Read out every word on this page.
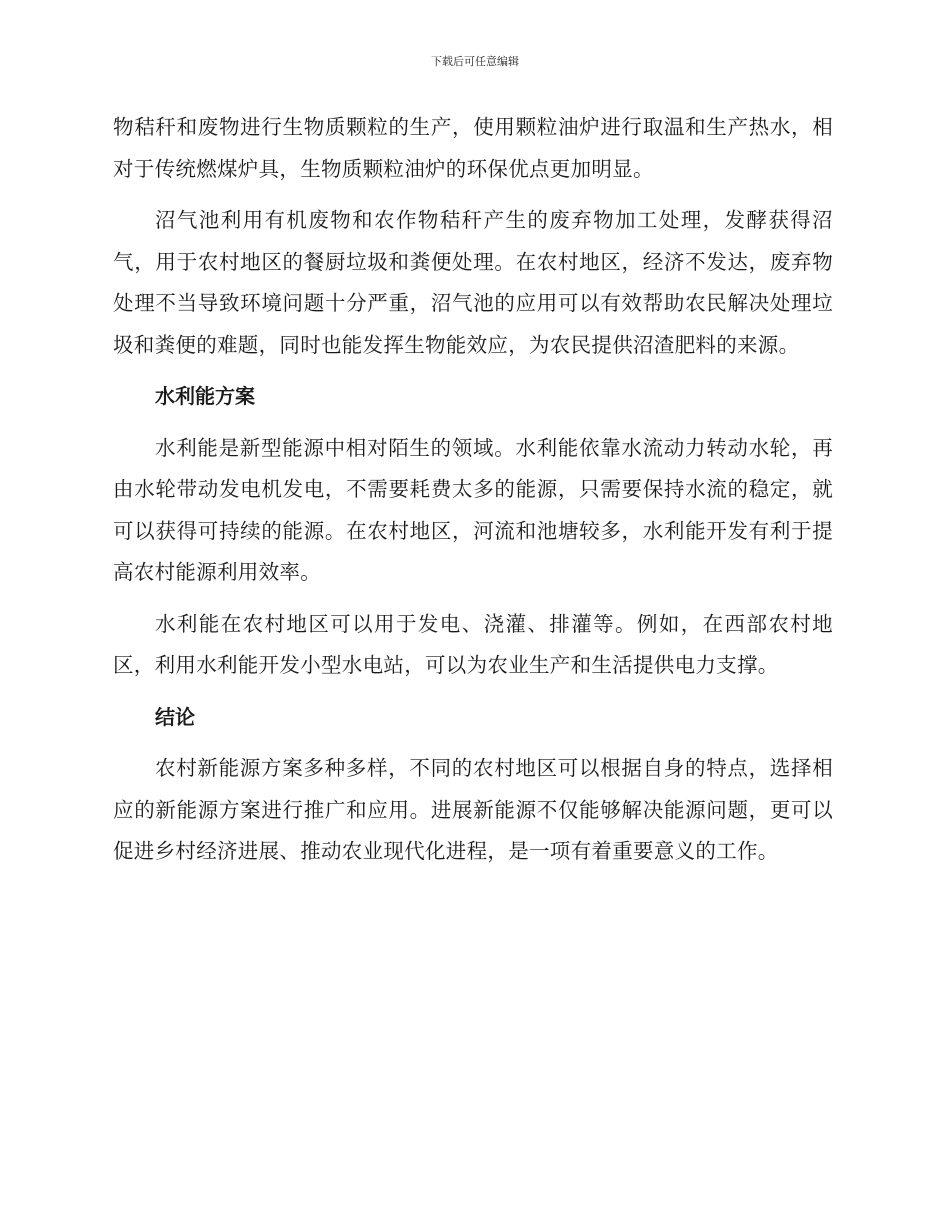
下载后可任意编辑

物秸秆和废物进行生物质颗粒的生产，使用颗粒油炉进行取温和生产热水，相对于传统燃煤炉具，生物质颗粒油炉的环保优点更加明显。

沼气池利用有机废物和农作物秸秆产生的废弃物加工处理，发酵获得沼气，用于农村地区的餐厨垃圾和粪便处理。在农村地区，经济不发达，废弃物处理不当导致环境问题十分严重，沼气池的应用可以有效帮助农民解决处理垃圾和粪便的难题，同时也能发挥生物能效应，为农民提供沼渣肥料的来源。

水利能方案

水利能是新型能源中相对陌生的领域。水利能依靠水流动力转动水轮，再由水轮带动发电机发电，不需要耗费太多的能源，只需要保持水流的稳定，就可以获得可持续的能源。在农村地区，河流和池塘较多，水利能开发有利于提高农村能源利用效率。

水利能在农村地区可以用于发电、浇灌、排灌等。例如，在西部农村地区，利用水利能开发小型水电站，可以为农业生产和生活提供电力支撑。

结论

农村新能源方案多种多样，不同的农村地区可以根据自身的特点，选择相应的新能源方案进行推广和应用。进展新能源不仅能够解决能源问题，更可以促进乡村经济进展、推动农业现代化进程，是一项有着重要意义的工作。
